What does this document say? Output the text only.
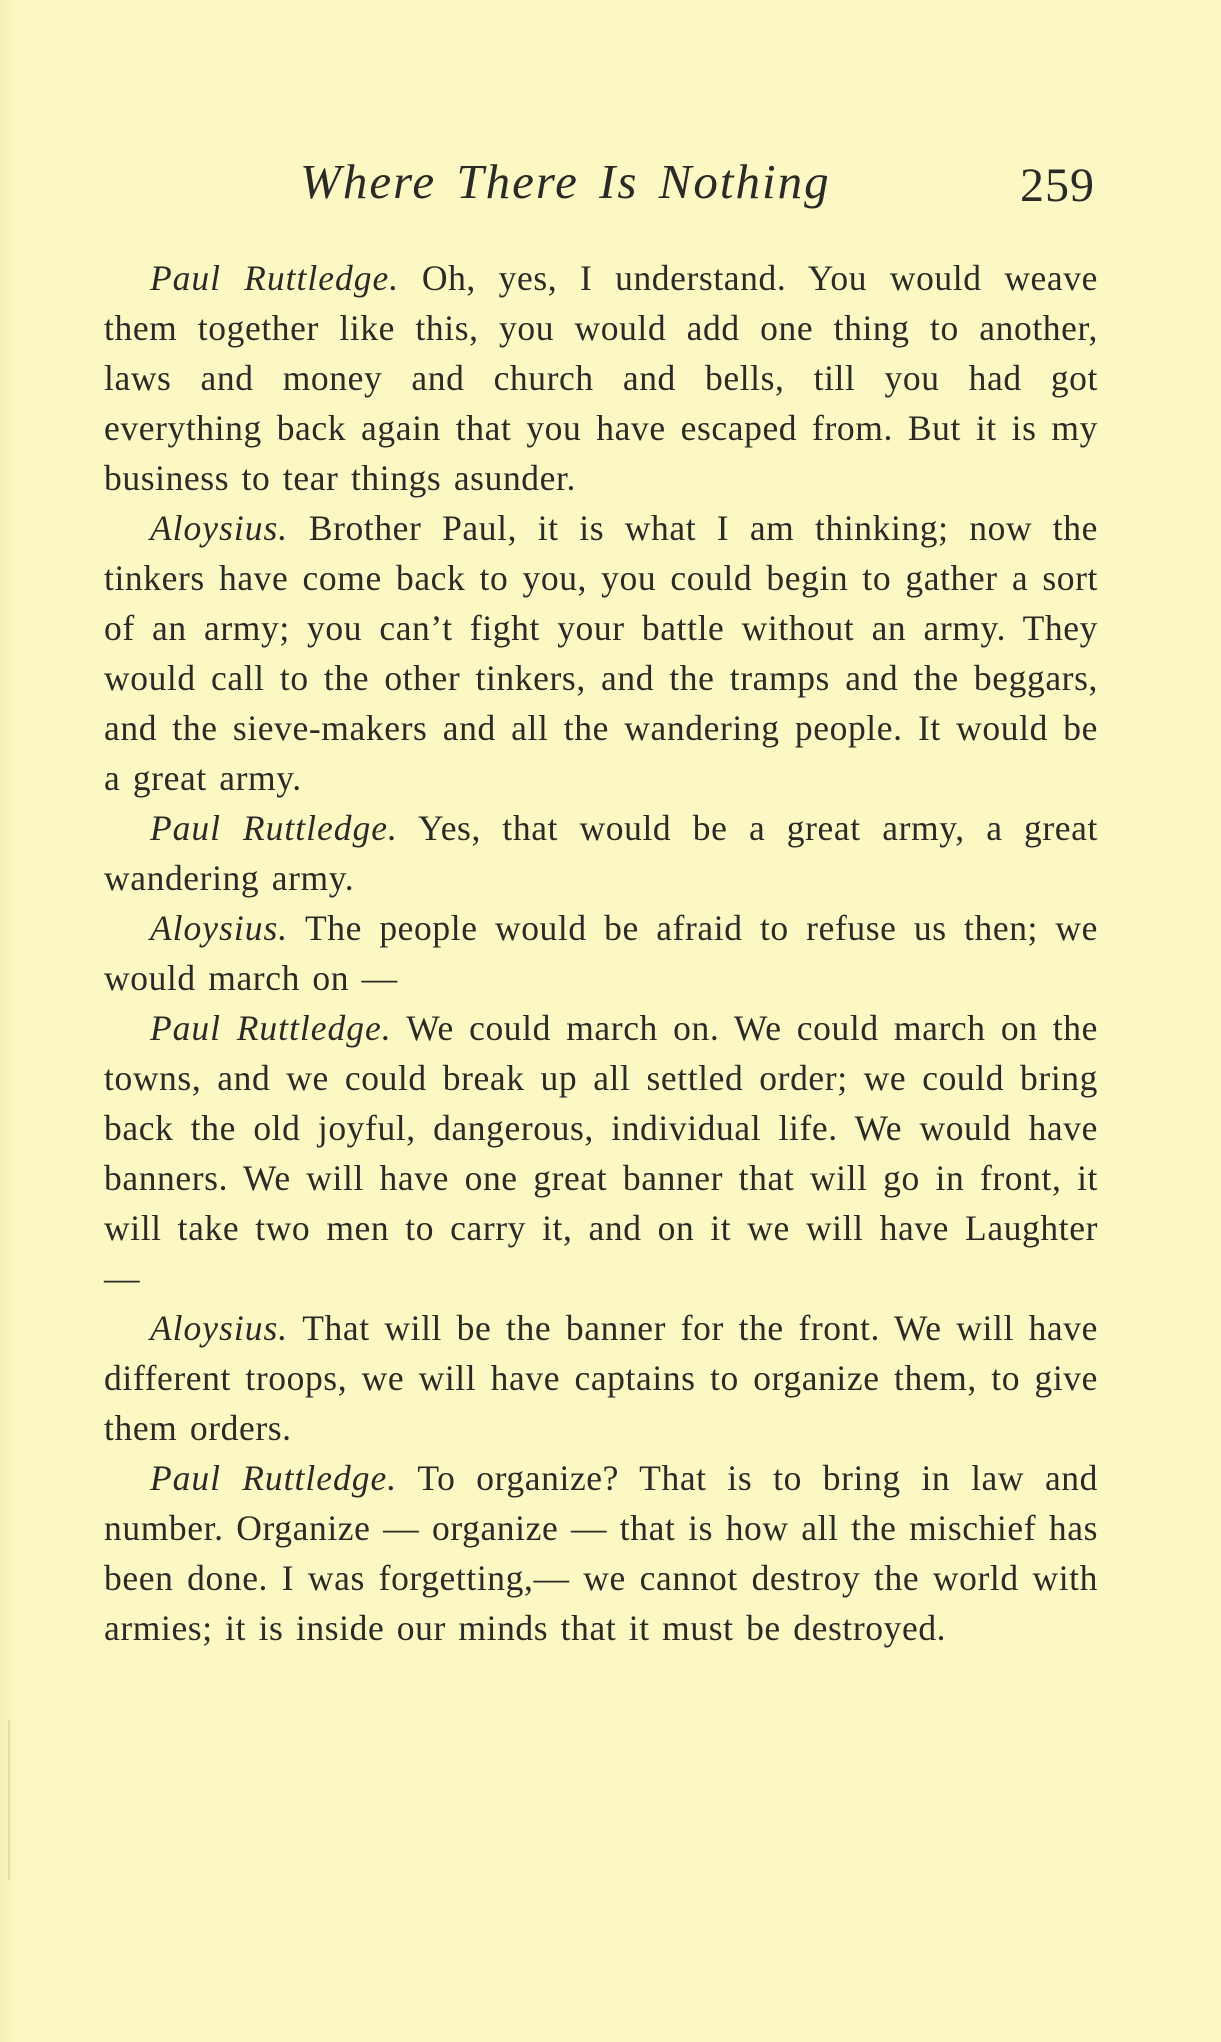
Where There Is Nothing	259

Paul Ruttledge. Oh, yes, I understand. You would weave them together like this, you would add one thing to another, laws and money and church and bells, till you had got everything back again that you have escaped from. But it is my business to tear things asunder.

Aloysius. Brother Paul, it is what I am thinking; now the tinkers have come back to you, you could begin to gather a sort of an army; you can’t fight your battle without an army. They would call to the other tinkers, and the tramps and the beggars, and the sieve-makers and all the wandering people. It would be a great army.

Paul Ruttledge. Yes, that would be a great army, a great wandering army.

Aloysius. The people would be afraid to refuse us then; we would march on —

Paul Ruttledge. We could march on. We could march on the towns, and we could break up all settled order; we could bring back the old joyful, dangerous, individual life. We would have banners. We will have one great banner that will go in front, it will take two men to carry it, and on it we will have Laughter —

Aloysius. That will be the banner for the front. We will have different troops, we will have captains to organize them, to give them orders.

Paul Ruttledge. To organize? That is to bring in law and number. Organize — organize — that is how all the mischief has been done. I was forgetting,— we cannot destroy the world with armies; it is inside our minds that it must be destroyed.
